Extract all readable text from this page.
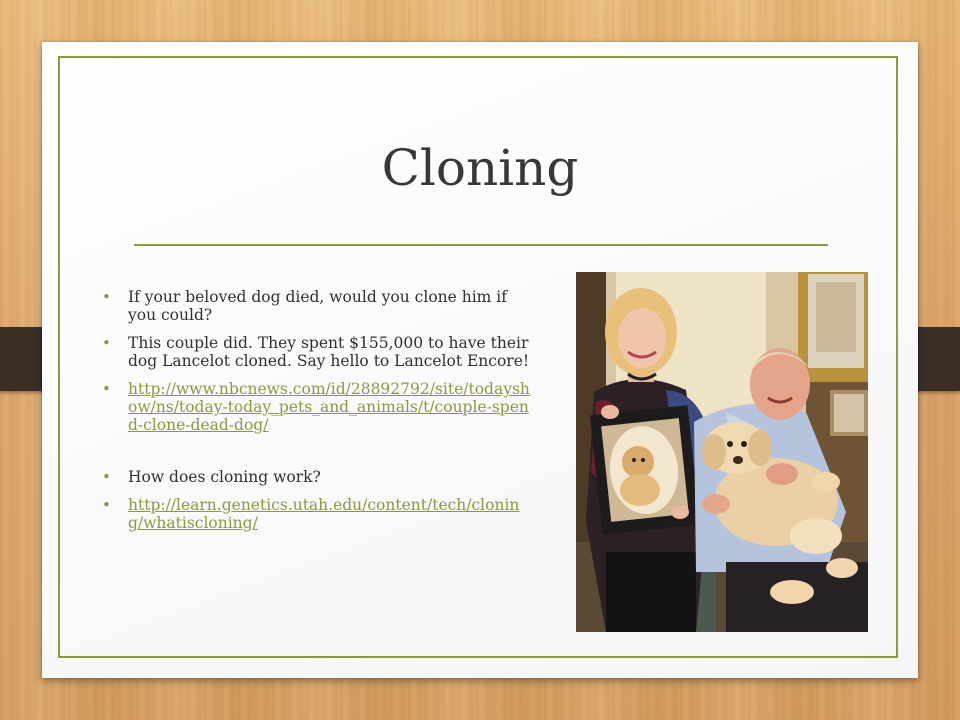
Cloning
• If your beloved dog died, would you clone him if you could?
• This couple did. They spent $155,000 to have their dog Lancelot cloned. Say hello to Lancelot Encore!
• http://www.nbcnews.com/id/28892792/site/todayshow/ns/today-today_pets_and_animals/t/couple-spend-clone-dead-dog/
• How does cloning work?
• http://learn.genetics.utah.edu/content/tech/cloning/whatiscloning/
